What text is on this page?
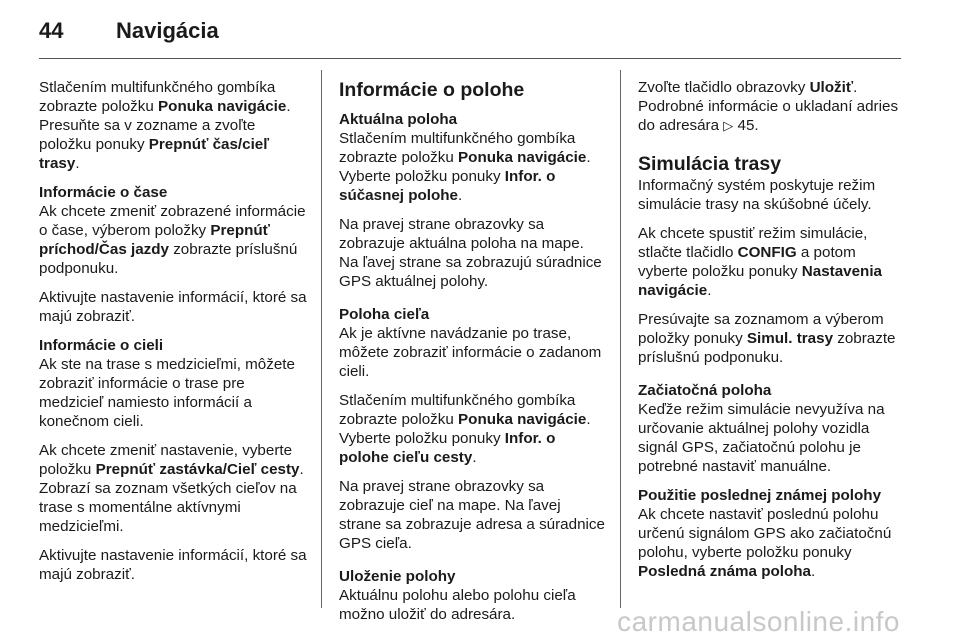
44 Navigácia

Stlačením multifunkčného gombíka zobrazte položku Ponuka navigácie. Presuňte sa v zozname a zvoľte položku ponuky Prepnúť čas/cieľ trasy.

Informácie o čase
Ak chcete zmeniť zobrazené informácie o čase, výberom položky Prepnúť príchod/Čas jazdy zobrazte príslušnú podponuku.

Aktivujte nastavenie informácií, ktoré sa majú zobraziť.

Informácie o cieli
Ak ste na trase s medzicieľmi, môžete zobraziť informácie o trase pre medzicieľ namiesto informácií a konečnom cieli.

Ak chcete zmeniť nastavenie, vyberte položku Prepnúť zastávka/Cieľ cesty. Zobrazí sa zoznam všetkých cieľov na trase s momentálne aktívnymi medzicieľmi.

Aktivujte nastavenie informácií, ktoré sa majú zobraziť.

Informácie o polohe

Aktuálna poloha
Stlačením multifunkčného gombíka zobrazte položku Ponuka navigácie. Vyberte položku ponuky Infor. o súčasnej polohe.

Na pravej strane obrazovky sa zobrazuje aktuálna poloha na mape. Na ľavej strane sa zobrazujú súradnice GPS aktuálnej polohy.

Poloha cieľa
Ak je aktívne navádzanie po trase, môžete zobraziť informácie o zadanom cieli.

Stlačením multifunkčného gombíka zobrazte položku Ponuka navigácie. Vyberte položku ponuky Infor. o polohe cieľu cesty.

Na pravej strane obrazovky sa zobrazuje cieľ na mape. Na ľavej strane sa zobrazuje adresa a súradnice GPS cieľa.

Uloženie polohy
Aktuálnu polohu alebo polohu cieľa možno uložiť do adresára.

Zvoľte tlačidlo obrazovky Uložiť. Podrobné informácie o ukladaní adries do adresára ▷ 45.

Simulácia trasy

Informačný systém poskytuje režim simulácie trasy na skúšobné účely.

Ak chcete spustiť režim simulácie, stlačte tlačidlo CONFIG a potom vyberte položku ponuky Nastavenia navigácie.

Presúvajte sa zoznamom a výberom položky ponuky Simul. trasy zobrazte príslušnú podponuku.

Začiatočná poloha
Keďže režim simulácie nevyužíva na určovanie aktuálnej polohy vozidla signál GPS, začiatočnú polohu je potrebné nastaviť manuálne.

Použitie poslednej známej polohy
Ak chcete nastaviť poslednú polohu určenú signálom GPS ako začiatočnú polohu, vyberte položku ponuky Posledná známa poloha.

carmanualsonline.info
